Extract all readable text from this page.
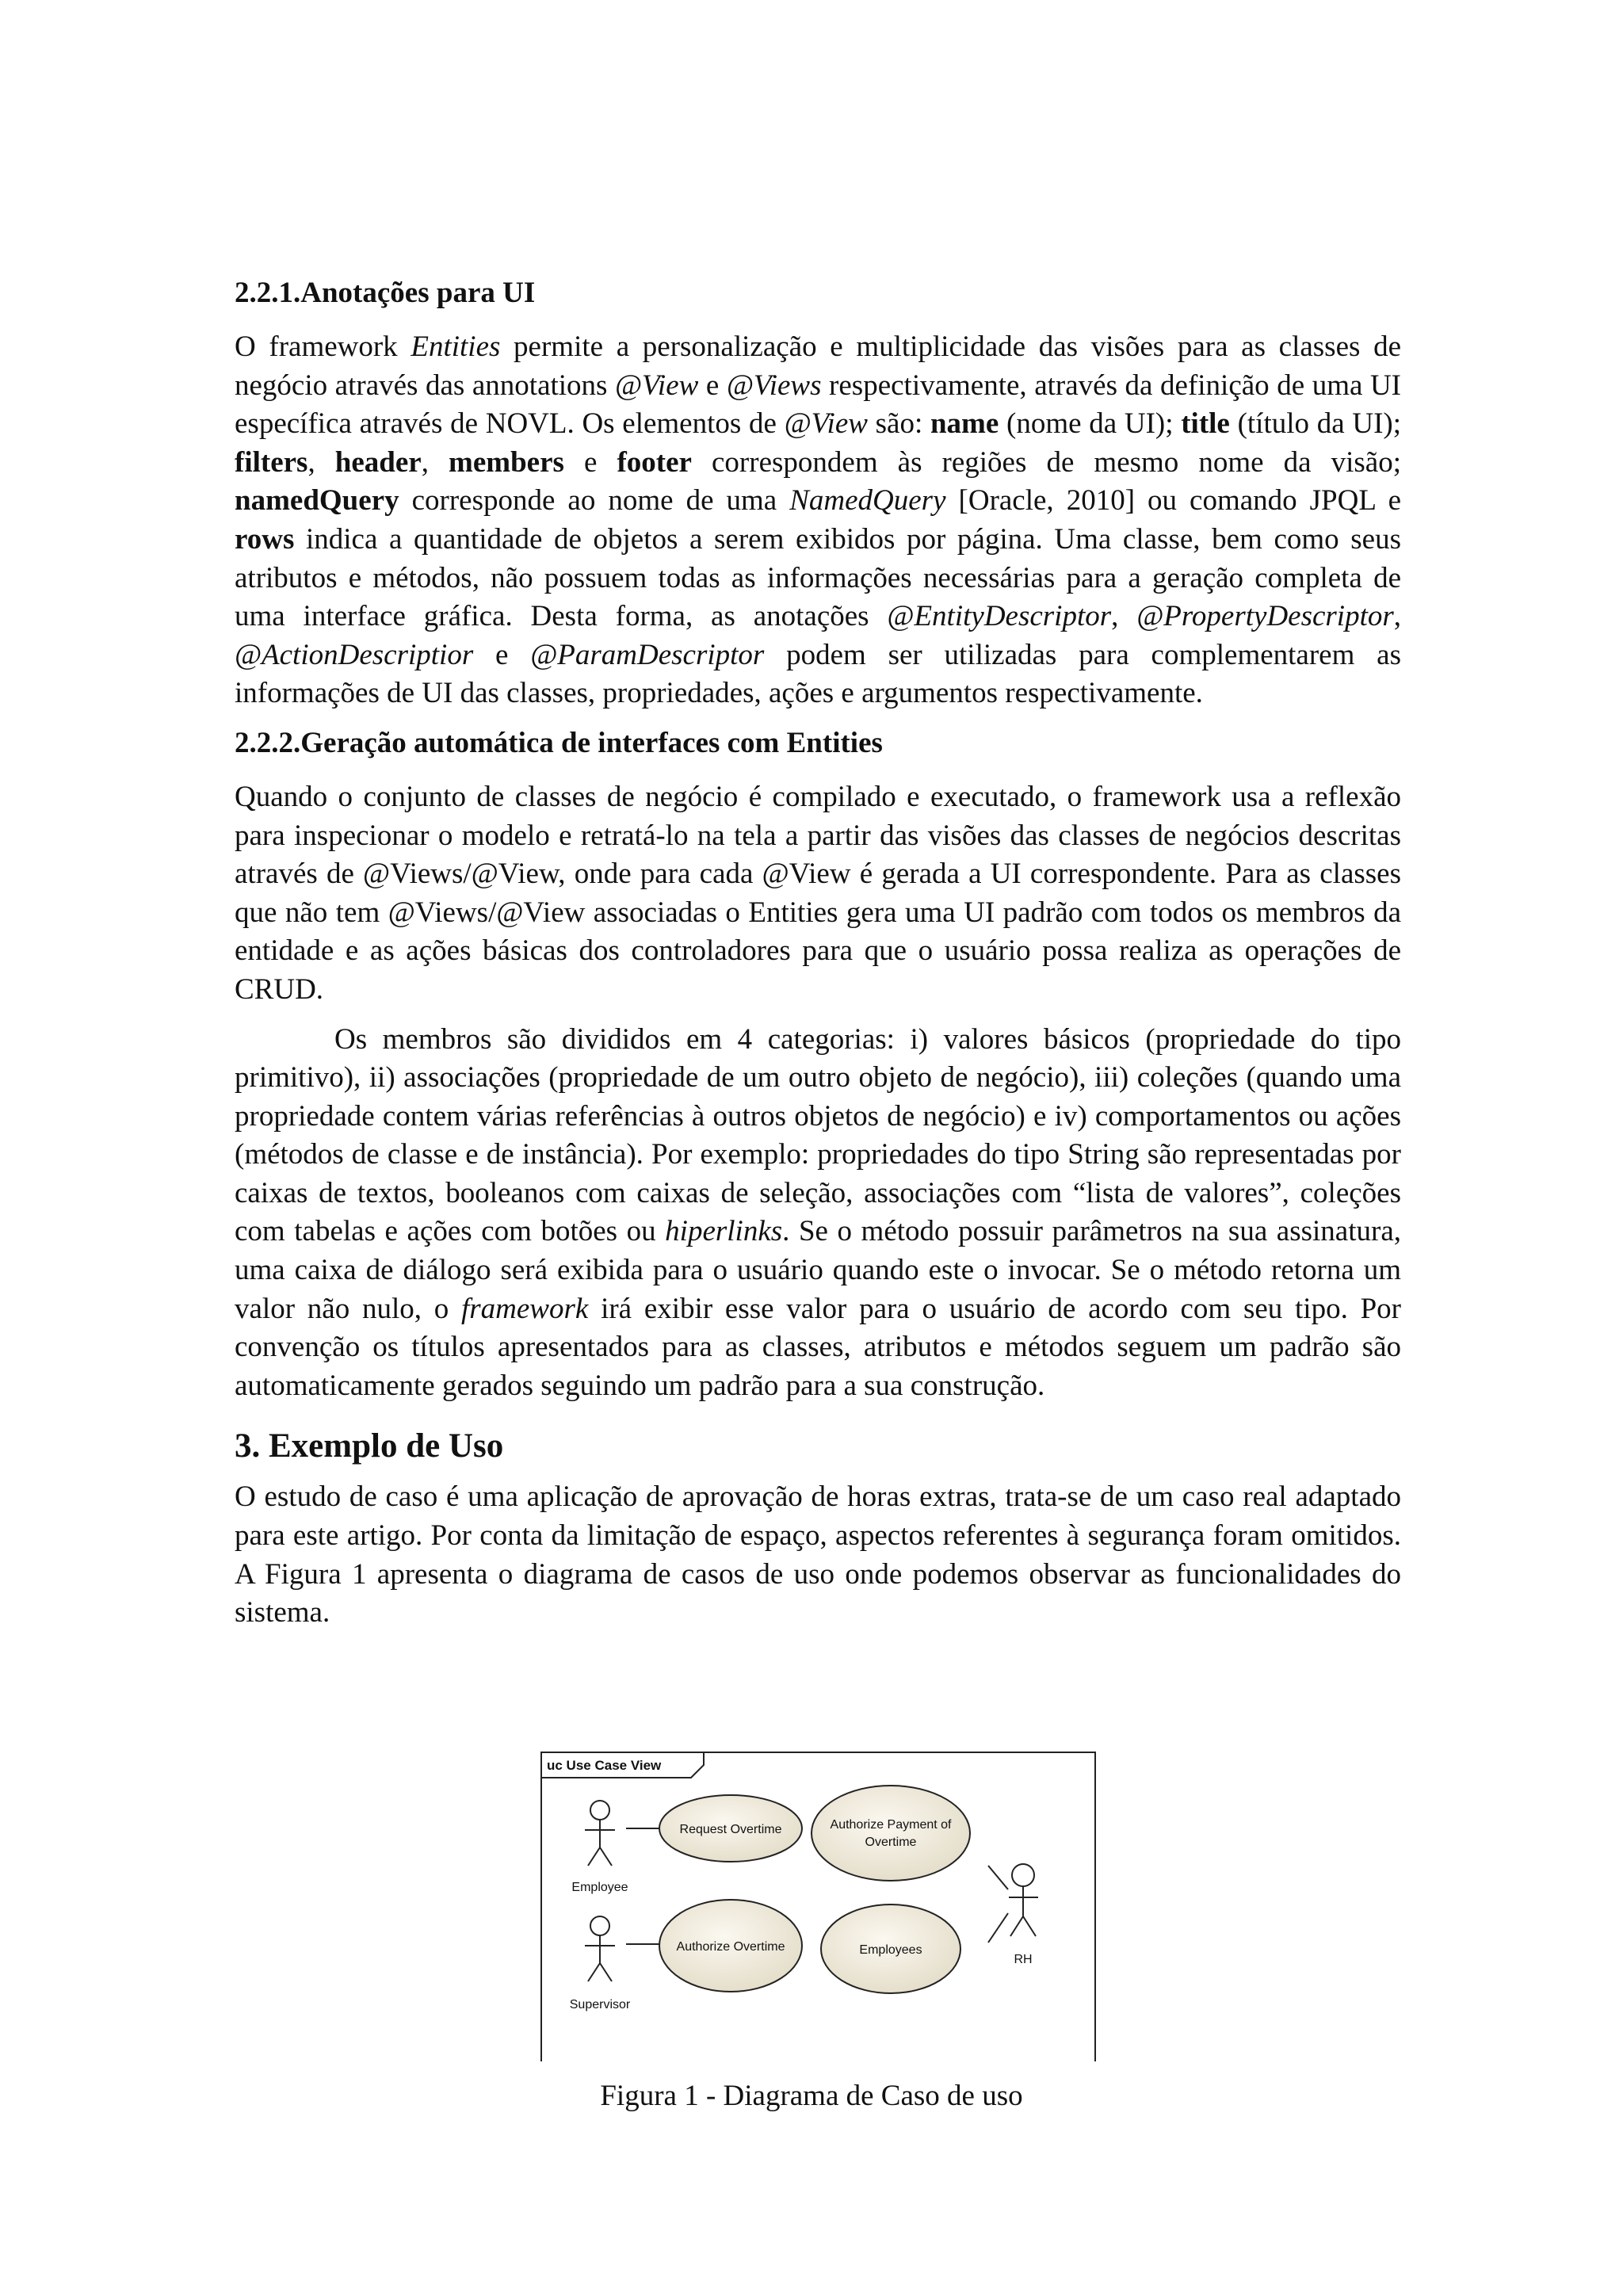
2.2.1.Anotações para UI

O framework Entities permite a personalização e multiplicidade das visões para as classes de negócio através das annotations @View e @Views respectivamente, através da definição de uma UI específica através de NOVL. Os elementos de @View são: name (nome da UI); title (título da UI); filters, header, members e footer correspondem às regiões de mesmo nome da visão; namedQuery corresponde ao nome de uma NamedQuery [Oracle, 2010] ou comando JPQL e rows indica a quantidade de objetos a serem exibidos por página. Uma classe, bem como seus atributos e métodos, não possuem todas as informações necessárias para a geração completa de uma interface gráfica. Desta forma, as anotações @EntityDescriptor, @PropertyDescriptor, @ActionDescriptior e @ParamDescriptor podem ser utilizadas para complementarem as informações de UI das classes, propriedades, ações e argumentos respectivamente.

2.2.2.Geração automática de interfaces com Entities

Quando o conjunto de classes de negócio é compilado e executado, o framework usa a reflexão para inspecionar o modelo e retratá-lo na tela a partir das visões das classes de negócios descritas através de @Views/@View, onde para cada @View é gerada a UI correspondente. Para as classes que não tem @Views/@View associadas o Entities gera uma UI padrão com todos os membros da entidade e as ações básicas dos controladores para que o usuário possa realiza as operações de CRUD.

Os membros são divididos em 4 categorias: i) valores básicos (propriedade do tipo primitivo), ii) associações (propriedade de um outro objeto de negócio), iii) coleções (quando uma propriedade contem várias referências à outros objetos de negócio) e iv) comportamentos ou ações (métodos de classe e de instância). Por exemplo: propriedades do tipo String são representadas por caixas de textos, booleanos com caixas de seleção, associações com “lista de valores”, coleções com tabelas e ações com botões ou hiperlinks. Se o método possuir parâmetros na sua assinatura, uma caixa de diálogo será exibida para o usuário quando este o invocar. Se o método retorna um valor não nulo, o framework irá exibir esse valor para o usuário de acordo com seu tipo. Por convenção os títulos apresentados para as classes, atributos e métodos seguem um padrão são automaticamente gerados seguindo um padrão para a sua construção.

3. Exemplo de Uso

O estudo de caso é uma aplicação de aprovação de horas extras, trata-se de um caso real adaptado para este artigo. Por conta da limitação de espaço, aspectos referentes à segurança foram omitidos. A Figura 1 apresenta o diagrama de casos de uso onde podemos observar as funcionalidades do sistema.

uc Use Case View
Employee
Supervisor
RH
Request Overtime	Authorize Payment of
Overtime
Authorize Overtime	Employees
Figura 1 - Diagrama de Caso de uso
